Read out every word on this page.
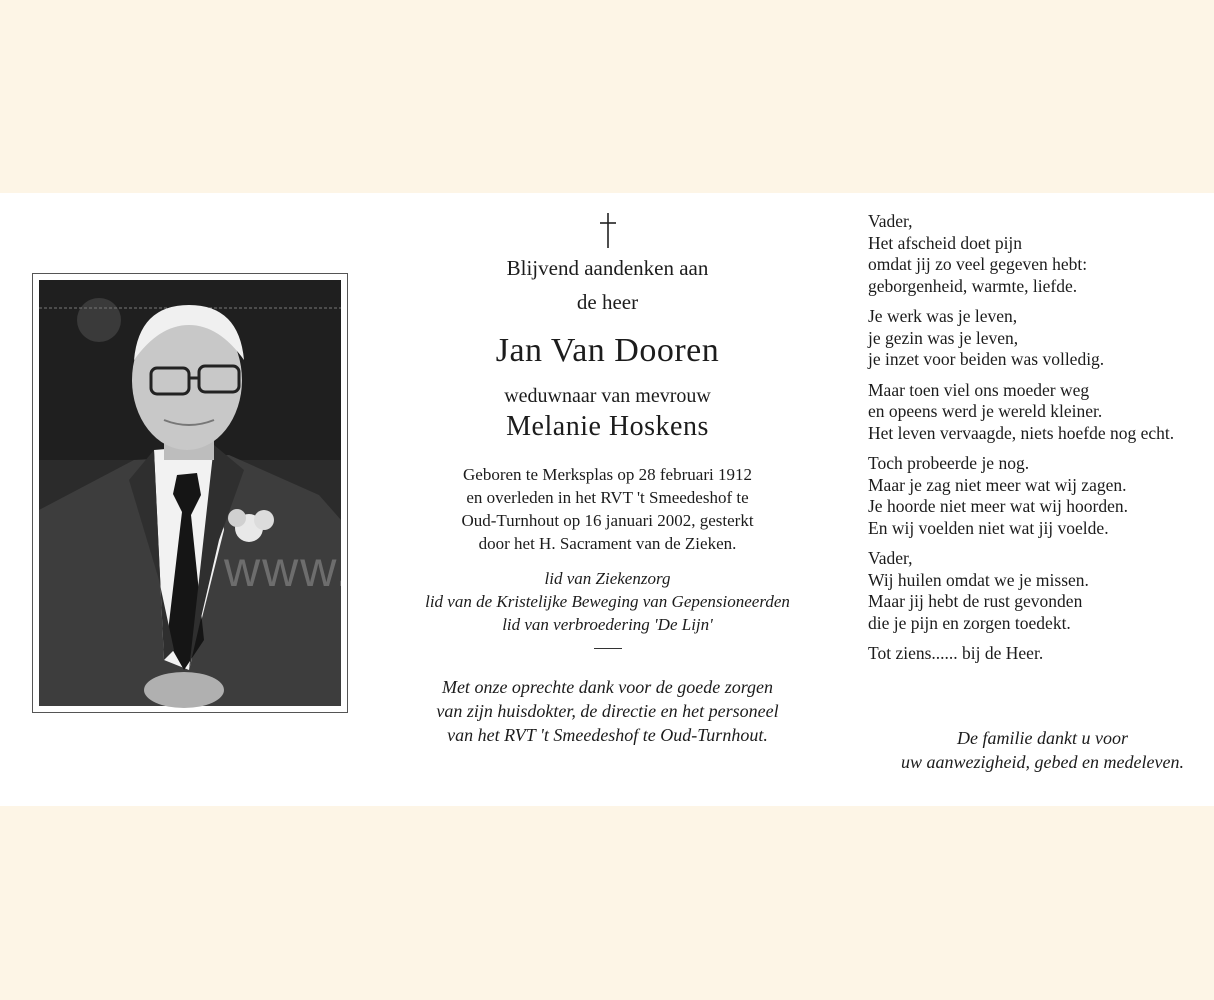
www.t
Blijvend aandenken aan
de heer
Jan Van Dooren
weduwnaar van mevrouw
Melanie Hoskens
Geboren te Merksplas op 28 februari 1912
en overleden in het RVT 't Smeedeshof te
Oud-Turnhout op 16 januari 2002, gesterkt
door het H. Sacrament van de Zieken.
lid van Ziekenzorg
lid van de Kristelijke Beweging van Gepensioneerden
lid van verbroedering 'De Lijn'
Met onze oprechte dank voor de goede zorgen
van zijn huisdokter, de directie en het personeel
van het RVT 't Smeedeshof te Oud-Turnhout.
Vader,
Het afscheid doet pijn
omdat jij zo veel gegeven hebt:
geborgenheid, warmte, liefde.
Je werk was je leven,
je gezin was je leven,
je inzet voor beiden was volledig.
Maar toen viel ons moeder weg
en opeens werd je wereld kleiner.
Het leven vervaagde, niets hoefde nog echt.
Toch probeerde je nog.
Maar je zag niet meer wat wij zagen.
Je hoorde niet meer wat wij hoorden.
En wij voelden niet wat jij voelde.
Vader,
Wij huilen omdat we je missen.
Maar jij hebt de rust gevonden
die je pijn en zorgen toedekt.
Tot ziens...... bij de Heer.
De familie dankt u voor
uw aanwezigheid, gebed en medeleven.
